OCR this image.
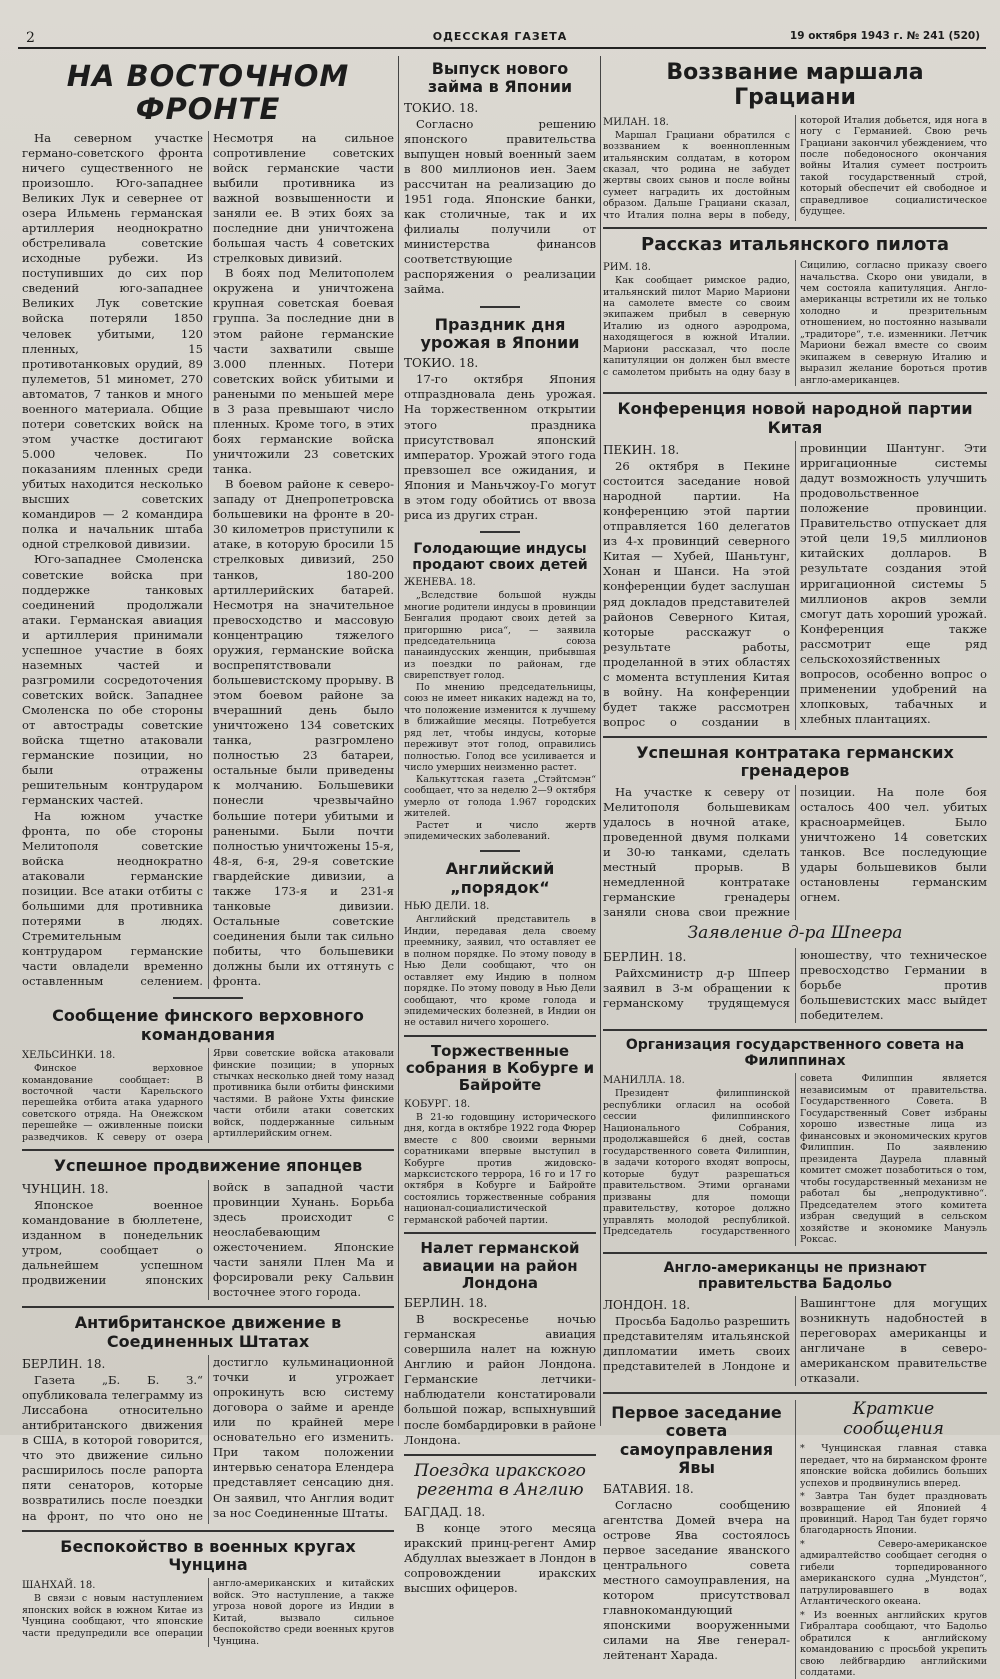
2	ОДЕССКАЯ ГАЗЕТА	19 октября 1943 г. № 241 (520)
НА ВОСТОЧНОМ ФРОНТЕ

На северном участке германо-советского фронта ничего существенного не произошло. Юго-западнее Великих Лук и севернее от озера Ильмень германская артиллерия неоднократно обстреливала советские исходные рубежи. Из поступивших до сих пор сведений юго-западнее Великих Лук советские войска потеряли 1850 человек убитыми, 120 пленных, 15 противотанковых орудий, 89 пулеметов, 51 миномет, 270 автоматов, 7 танков и много военного материала. Общие потери советских войск на этом участке достигают 5.000 человек. По показаниям пленных среди убитых находится несколько высших советских командиров — 2 командира полка и начальник штаба одной стрелковой дивизии.

Юго-западнее Смоленска советские войска при поддержке танковых соединений продолжали атаки. Германская авиация и артиллерия принимали успешное участие в боях наземных частей и разгромили сосредоточения советских войск. Западнее Смоленска по обе стороны от автострады советские войска тщетно атаковали германские позиции, но были отражены решительным контрударом германских частей.

На южном участке фронта, по обе стороны Мелитополя советские войска неоднократно атаковали германские позиции. Все атаки отбиты с большими для противника потерями в людях. Стремительным контрударом германские части овладели временно оставленным селением. Несмотря на сильное сопротивление советских войск германские части выбили противника из важной возвышенности и заняли ее. В этих боях за последние дни уничтожена большая часть 4 советских стрелковых дивизий.

В боях под Мелитополем окружена и уничтожена крупная советская боевая группа. За последние дни в этом районе германские части захватили свыше 3.000 пленных. Потери советских войск убитыми и ранеными по меньшей мере в 3 раза превышают число пленных. Кроме того, в этих боях германские войска уничтожили 23 советских танка.

В боевом районе к северо-западу от Днепропетровска большевики на фронте в 20-30 километров приступили к атаке, в которую бросили 15 стрелковых дивизий, 250 танков, 180-200 артиллерийских батарей. Несмотря на значительное превосходство и массовую концентрацию тяжелого оружия, германские войска воспрепятствовали большевистскому прорыву. В этом боевом районе за вчерашний день было уничтожено 134 советских танка, разгромлено полностью 23 батареи, остальные были приведены к молчанию. Большевики понесли чрезвычайно большие потери убитыми и ранеными. Были почти полностью уничтожены 15-я, 48-я, 6-я, 29-я советские гвардейские дивизии, а также 173-я и 231-я танковые дивизии. Остальные советские соединения были так сильно побиты, что большевики должны были их оттянуть с фронта.

Сообщение финского верховного командования
ХЕЛЬСИНКИ. 18.

Финское верховное командование сообщает: В восточной части Карельского перешейка отбита атака ударного советского отряда. На Онежском перешейке — оживленные поиски разведчиков. К северу от озера Ярви советские войска атаковали финские позиции; в упорных стычках несколько дней тому назад противника были отбиты финскими частями. В районе Ухты финские части отбили атаки советских войск, поддержанные сильным артиллерийским огнем.

Успешное продвижение японцев
ЧУНЦИН. 18.

Японское военное командование в бюллетене, изданном в понедельник утром, сообщает о дальнейшем успешном продвижении японских войск в западной части провинции Хунань. Борьба здесь происходит с неослабевающим ожесточением. Японские части заняли Плен Ма и форсировали реку Сальвин восточнее этого города.

Антибританское движение в Соединенных Штатах
БЕРЛИН. 18.

Газета „Б. Б. З.“ опубликовала телеграмму из Лиссабона относительно антибританского движения в США, в которой говорится, что это движение сильно расширилось после рапорта пяти сенаторов, которые возвратились после поездки на фронт, по что оно не достигло кульминационной точки и угрожает опрокинуть всю систему договора о займе и аренде или по крайней мере основательно его изменить. При таком положении интервью сенатора Елендера представляет сенсацию дня. Он заявил, что Англия водит за нос Соединенные Штаты.

Беспокойство в военных кругах Чунцина
ШАНХАЙ. 18.

В связи с новым наступлением японских войск в южном Китае из Чунцина сообщают, что японские части предупредили все операции англо-американских и китайских войск. Это наступление, а также угроза новой дороге из Индии в Китай, вызвало сильное беспокойство среди военных кругов Чунцина.

Выпуск нового займа в Японии
ТОКИО. 18.

Согласно решению японского правительства выпущен новый военный заем в 800 миллионов иен. Заем рассчитан на реализацию до 1951 года. Японские банки, как столичные, так и их филиалы получили от министерства финансов соответствующие распоряжения о реализации займа.

Праздник дня урожая в Японии
ТОКИО. 18.

17-го октября Япония отпраздновала день урожая. На торжественном открытии этого праздника присутствовал японский император. Урожай этого года превзошел все ожидания, и Япония и Маньчжоу-Го могут в этом году обойтись от ввоза риса из других стран.

Голодающие индусы продают своих детей
ЖЕНЕВА. 18.

„Вследствие большой нужды многие родители индусы в провинции Бенгалия продают своих детей за пригоршню риса“, — заявила председательница союза панаиндусских женщин, прибывшая из поездки по районам, где свирепствует голод.

По мнению председательницы, союз не имеет никаких надежд на то, что положение изменится к лучшему в ближайшие месяцы. Потребуется ряд лет, чтобы индусы, которые переживут этот голод, оправились полностью. Голод все усиливается и число умерших неизменно растет.

Калькуттская газета „Стэйтсмэн“ сообщает, что за неделю 2—9 октября умерло от голода 1.967 городских жителей.

Растет и число жертв эпидемических заболеваний.

Английский „порядок“
НЬЮ ДЕЛИ. 18.

Английский представитель в Индии, передавая дела своему преемнику, заявил, что оставляет ее в полном порядке. По этому поводу в Нью Дели сообщают, что он оставляет ему Индию в полном порядке. По этому поводу в Нью Дели сообщают, что кроме голода и эпидемических болезней, в Индии он не оставил ничего хорошего.

Торжественные собрания в Кобурге и Байройте
КОБУРГ. 18.

В 21-ю годовщину исторического дня, когда в октябре 1922 года Фюрер вместе с 800 своими верными соратниками впервые выступил в Кобурге против жидовско-марксистского террора, 16 го и 17 го октября в Кобурге и Байройте состоялись торжественные собрания национал-социалистической германской рабочей партии.

Налет германской авиации на район Лондона
БЕРЛИН. 18.

В воскресенье ночью германская авиация совершила налет на южную Англию и район Лондона. Германские летчики-наблюдатели констатировали большой пожар, вспыхнувший после бомбардировки в районе Лондона.

Поездка иракского регента в Англию
БАГДАД. 18.

В конце этого месяца иракский принц-регент Амир Абдуллах выезжает в Лондон в сопровождении иракских высших офицеров.

Воззвание маршала Грациани
МИЛАН. 18.

Маршал Грациани обратился с воззванием к военнопленным итальянским солдатам, в котором сказал, что родина не забудет жертвы своих сынов и после войны сумеет наградить их достойным образом. Дальше Грациани сказал, что Италия полна веры в победу, которой Италия добьется, идя нога в ногу с Германией. Свою речь Грациани закончил убеждением, что после победоносного окончания войны Италия сумеет построить такой государственный строй, который обеспечит ей свободное и справедливое социалистическое будущее.

Рассказ итальянского пилота
РИМ. 18.

Как сообщает римское радио, итальянский пилот Марио Мариони на самолете вместе со своим экипажем прибыл в северную Италию из одного аэродрома, находящегося в южной Италии. Мариони рассказал, что после капитуляции он должен был вместе с самолетом прибыть на одну базу в Сицилию, согласно приказу своего начальства. Скоро они увидали, в чем состояла капитуляция. Англо-американцы встретили их не только холодно и презрительным отношением, но постоянно называли „традиторе“, т.е. изменники. Летчик Мариони бежал вместе со своим экипажем в северную Италию и выразил желание бороться против англо-американцев.

Конференция новой народной партии Китая
ПЕКИН. 18.

26 октября в Пекине состоится заседание новой народной партии. На конференцию этой партии отправляется 160 делегатов из 4-х провинций северного Китая — Хубей, Шаньтунг, Хонан и Шанси. На этой конференции будет заслушан ряд докладов представителей районов Северного Китая, которые расскажут о результате работы, проделанной в этих областях с момента вступления Китая в войну. На конференции будет также рассмотрен вопрос о создании в провинции Шантунг. Эти ирригационные системы дадут возможность улучшить продовольственное положение провинции. Правительство отпускает для этой цели 19,5 миллионов китайских долларов. В результате создания этой ирригационной системы 5 миллионов акров земли смогут дать хороший урожай. Конференция также рассмотрит еще ряд сельскохозяйственных вопросов, особенно вопрос о применении удобрений на хлопковых, табачных и хлебных плантациях.

Успешная контратака германских гренадеров

На участке к северу от Мелитополя большевикам удалось в ночной атаке, проведенной двумя полками и 30-ю танками, сделать местный прорыв. В немедленной контратаке германские гренадеры заняли снова свои прежние позиции. На поле боя осталось 400 чел. убитых красноармейцев. Было уничтожено 14 советских танков. Все последующие удары большевиков были остановлены германским огнем.

Заявление д-ра Шпеера
БЕРЛИН. 18.

Райхсминистр д-р Шпеер заявил в 3-м обращении к германскому трудящемуся юношеству, что техническое превосходство Германии в борьбе против большевистских масс выйдет победителем.

Организация государственного совета на Филиппинах
МАНИЛЛА. 18.

Президент филиппинской республики огласил на особой сессии филиппинского Национального Собрания, продолжавшейся 6 дней, состав государственного совета Филиппин, в задачи которого входят вопросы, которые будут разрешаться правительством. Этими органами призваны для помощи правительству, которое должно управлять молодой республикой. Председатель государственного совета Филиппин является независимым от правительства. Государственного Совета. В Государственный Совет избраны хорошо известные лица из финансовых и экономических кругов Филиппин. По заявлению президента Даурела плавный комитет сможет позаботиться о том, чтобы государственный механизм не работал бы „непродуктивно“. Председателем этого комитета избран сведущий в сельском хозяйстве и экономике Мануэль Роксас.

Англо-американцы не признают правительства Бадольо
ЛОНДОН. 18.

Просьба Бадольо разрешить представителям итальянской дипломатии иметь своих представителей в Лондоне и Вашингтоне для могущих возникнуть надобностей в переговорах американцы и англичане в северо-американском правительстве отказали.

Первое заседание совета самоуправления Явы
БАТАВИЯ. 18.

Согласно сообщению агентства Домей вчера на острове Ява состоялось первое заседание яванского центрального совета местного самоуправления, на котором присутствовал главнокомандующий японскими вооруженными силами на Яве генерал-лейтенант Харада.

Краткие сообщения
* Чунцинская главная ставка передает, что на бирманском фронте японские войска добились больших успехов и продвинулись вперед.
* Завтра Тан будет праздновать возвращение ей Японией 4 провинций. Народ Тан будет горячо благодарность Японии.
* Северо-американское адмиралтейство сообщает сегодня о гибели торпедированного американского судна „Мундстон“, патрулировавшего в водах Атлантического океана.
* Из военных английских кругов Гибралтара сообщают, что Бадольо обратился к английскому командованию с просьбой укрепить свою лейбгвардию английскими солдатами.
